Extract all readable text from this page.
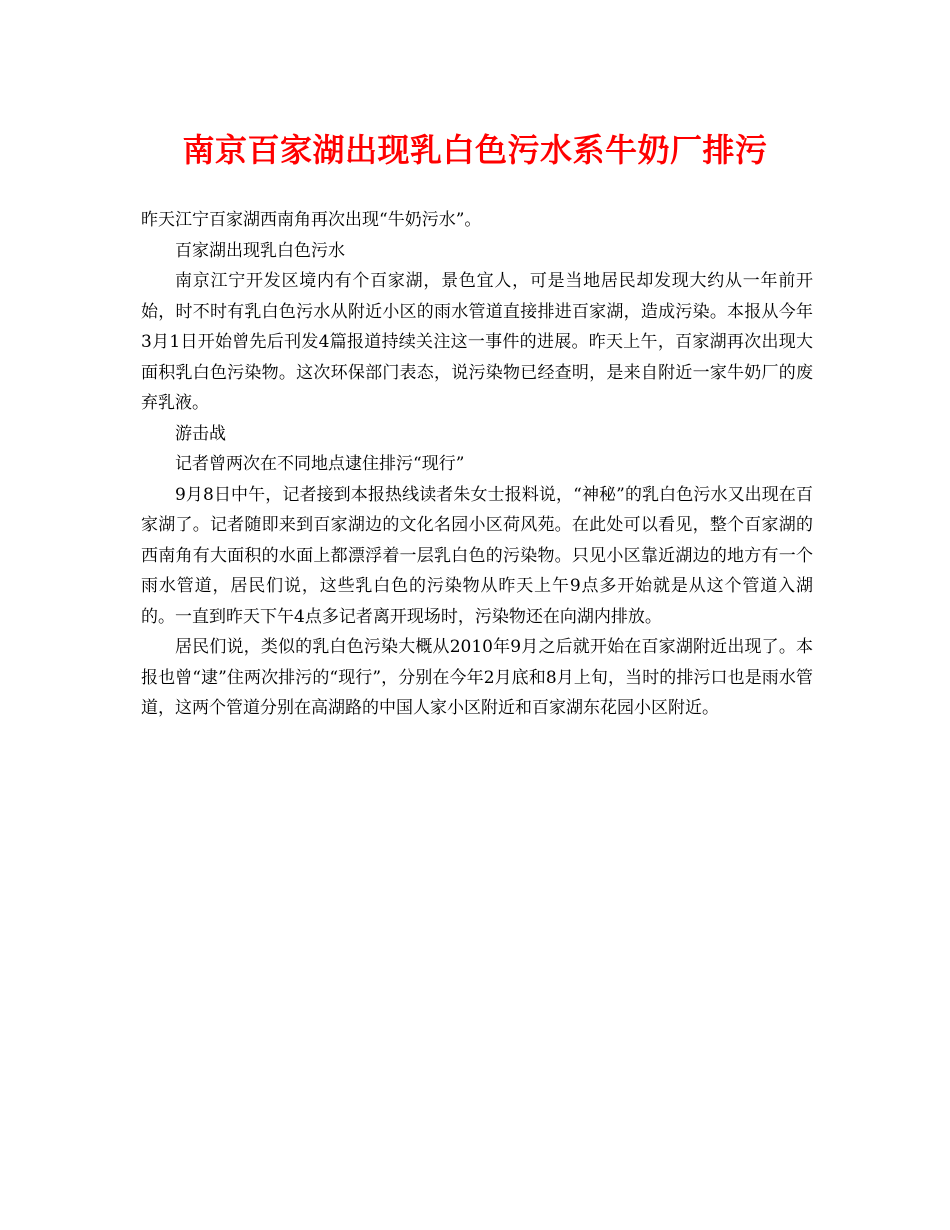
南京百家湖出现乳白色污水系牛奶厂排污

昨天江宁百家湖西南角再次出现“牛奶污水”。

百家湖出现乳白色污水

南京江宁开发区境内有个百家湖，景色宜人，可是当地居民却发现大约从一年前开始，时不时有乳白色污水从附近小区的雨水管道直接排进百家湖，造成污染。本报从今年3月1日开始曾先后刊发4篇报道持续关注这一事件的进展。昨天上午，百家湖再次出现大面积乳白色污染物。这次环保部门表态，说污染物已经查明，是来自附近一家牛奶厂的废弃乳液。

游击战

记者曾两次在不同地点逮住排污“现行”

9月8日中午，记者接到本报热线读者朱女士报料说，“神秘”的乳白色污水又出现在百家湖了。记者随即来到百家湖边的文化名园小区荷风苑。在此处可以看见，整个百家湖的西南角有大面积的水面上都漂浮着一层乳白色的污染物。只见小区靠近湖边的地方有一个雨水管道，居民们说，这些乳白色的污染物从昨天上午9点多开始就是从这个管道入湖的。一直到昨天下午4点多记者离开现场时，污染物还在向湖内排放。

居民们说，类似的乳白色污染大概从2010年9月之后就开始在百家湖附近出现了。本报也曾“逮”住两次排污的“现行”，分别在今年2月底和8月上旬，当时的排污口也是雨水管道，这两个管道分别在高湖路的中国人家小区附近和百家湖东花园小区附近。
